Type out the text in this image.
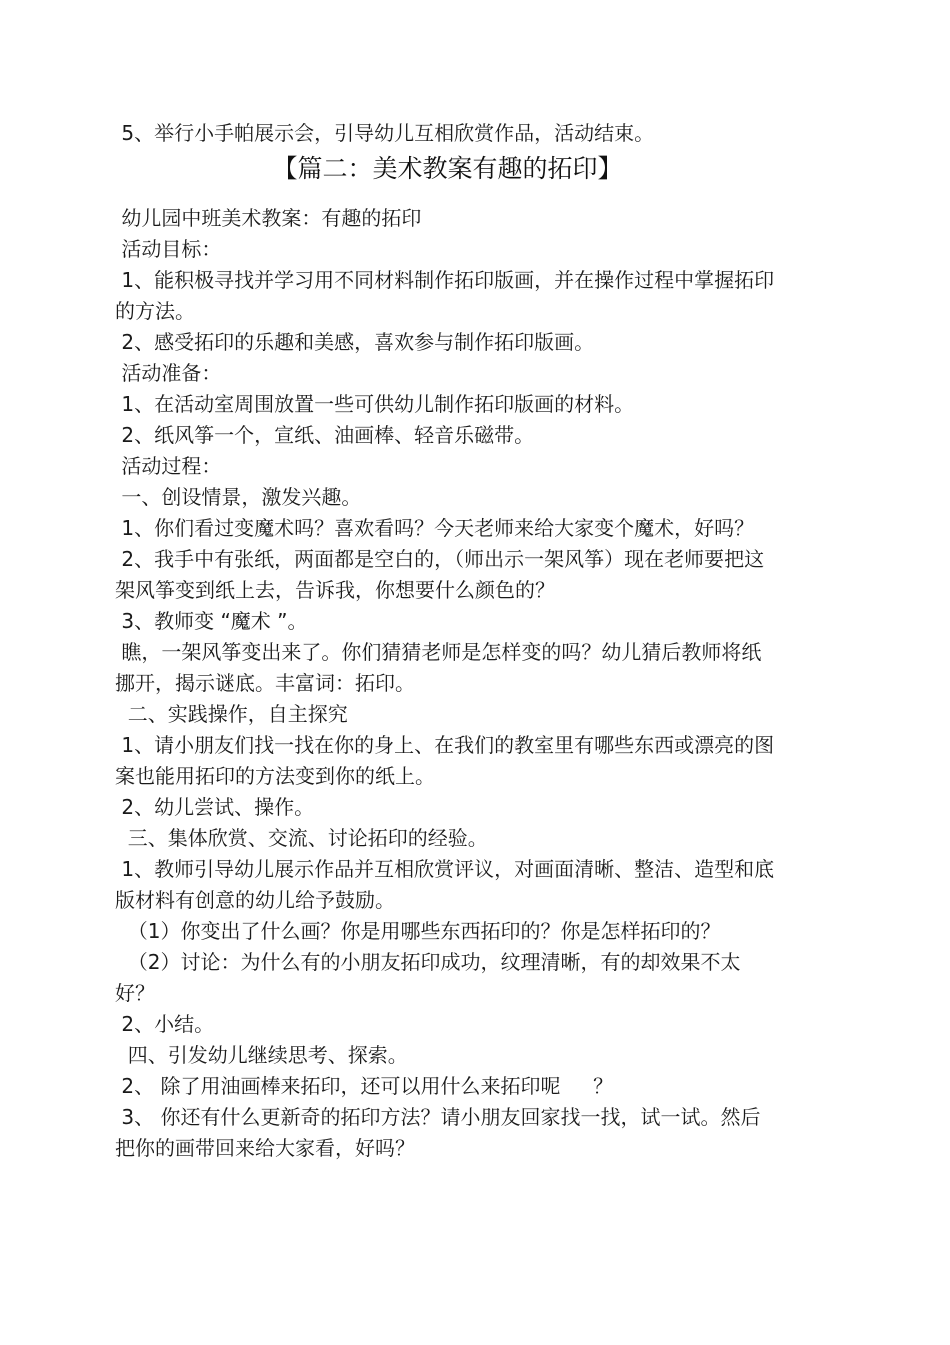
5、举行小手帕展示会，引导幼儿互相欣赏作品，活动结束。
【篇二：美术教案有趣的拓印】
幼儿园中班美术教案：有趣的拓印
活动目标：
1、能积极寻找并学习用不同材料制作拓印版画，并在操作过程中掌握拓印的方法。
2、感受拓印的乐趣和美感，喜欢参与制作拓印版画。
活动准备：
1、在活动室周围放置一些可供幼儿制作拓印版画的材料。
2、纸风筝一个，宣纸、油画棒、轻音乐磁带。
活动过程：
一、创设情景，激发兴趣。
1、你们看过变魔术吗？喜欢看吗？今天老师来给大家变个魔术，好吗？
2、我手中有张纸，两面都是空白的，（师出示一架风筝）现在老师要把这架风筝变到纸上去，告诉我，你想要什么颜色的？
3、教师变 “魔术 ”。
瞧，一架风筝变出来了。你们猜猜老师是怎样变的吗？幼儿猜后教师将纸挪开，揭示谜底。丰富词：拓印。
二、实践操作，自主探究
1、请小朋友们找一找在你的身上、在我们的教室里有哪些东西或漂亮的图案也能用拓印的方法变到你的纸上。
2、幼儿尝试、操作。
三、集体欣赏、交流、讨论拓印的经验。
1、教师引导幼儿展示作品并互相欣赏评议，对画面清晰、整洁、造型和底版材料有创意的幼儿给予鼓励。
（1）你变出了什么画？你是用哪些东西拓印的？你是怎样拓印的？
（2）讨论：为什么有的小朋友拓印成功，纹理清晰，有的却效果不太好？
2、小结。
四、引发幼儿继续思考、探索。
2、 除了用油画棒来拓印，还可以用什么来拓印呢 　 ？
3、 你还有什么更新奇的拓印方法？请小朋友回家找一找，试一试。然后把你的画带回来给大家看，好吗？
